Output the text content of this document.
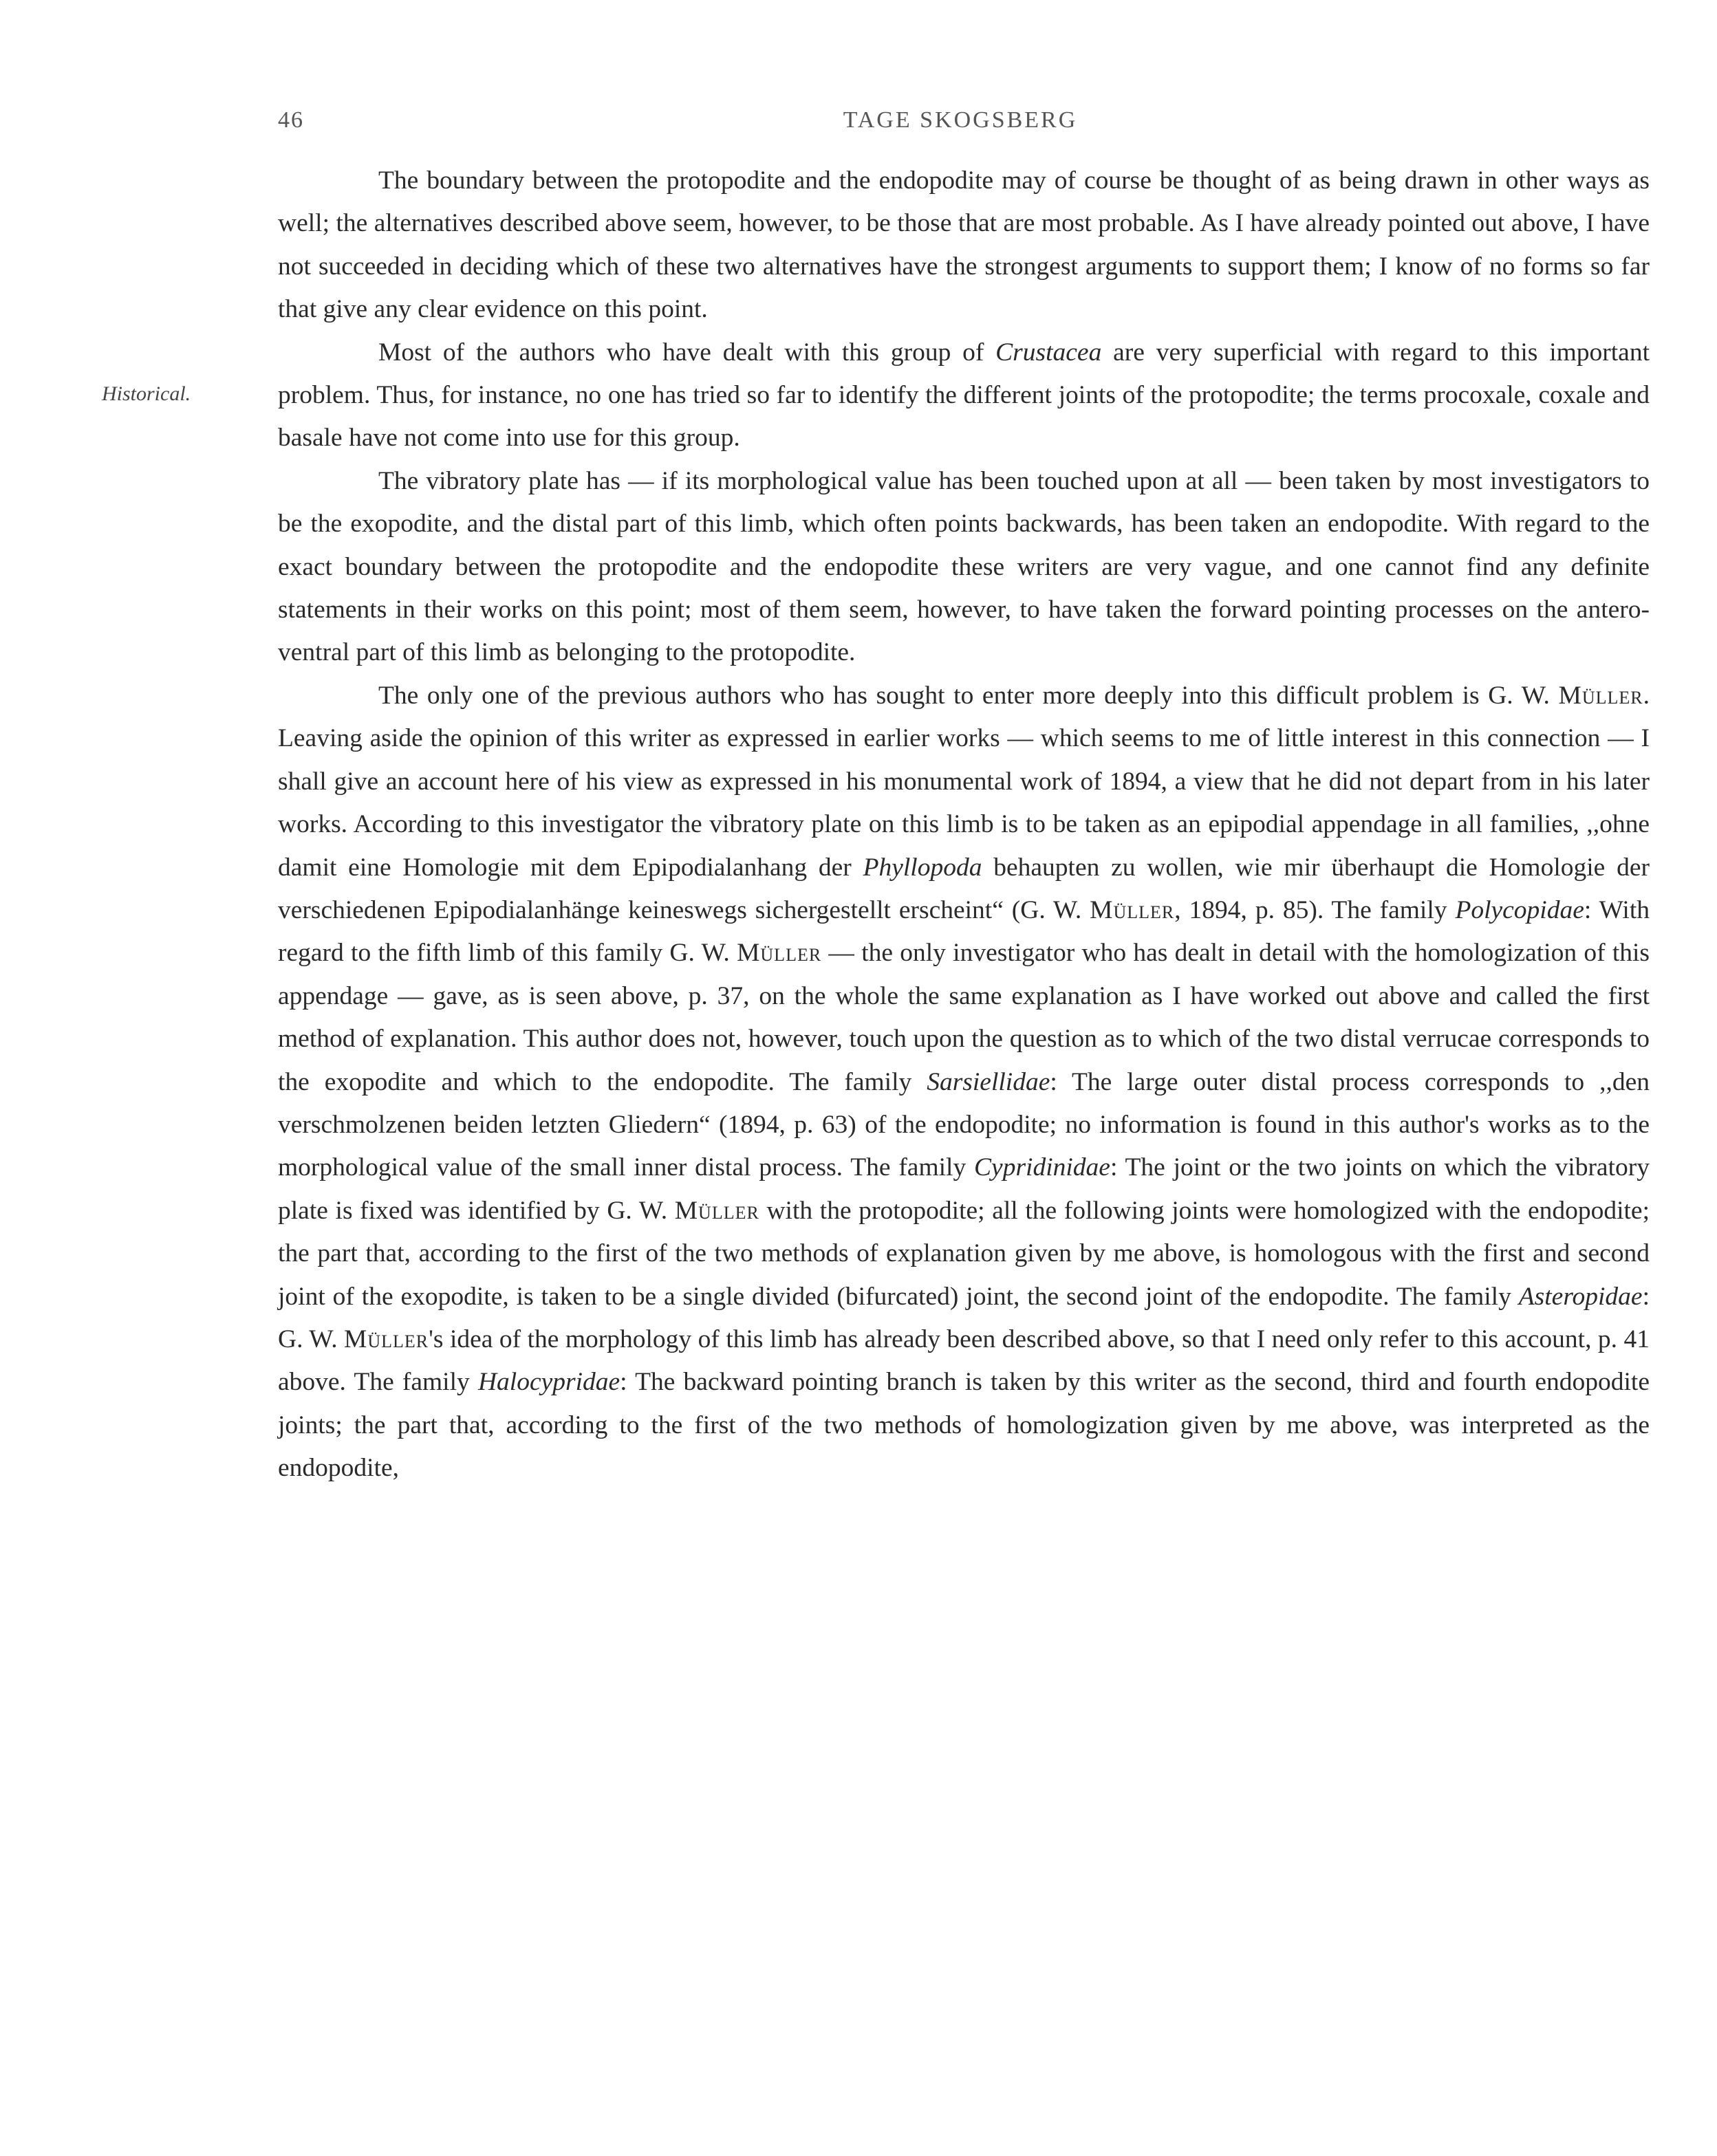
46	TAGE SKOGSBERG
Historical.

The boundary between the protopodite and the endopodite may of course be thought of as being drawn in other ways as well; the alternatives described above seem, however, to be those that are most probable. As I have already pointed out above, I have not succeeded in deciding which of these two alternatives have the strongest arguments to support them; I know of no forms so far that give any clear evidence on this point.

Most of the authors who have dealt with this group of Crustacea are very superficial with regard to this important problem. Thus, for instance, no one has tried so far to identify the different joints of the protopodite; the terms procoxale, coxale and basale have not come into use for this group.

The vibratory plate has — if its morphological value has been touched upon at all — been taken by most investigators to be the exopodite, and the distal part of this limb, which often points backwards, has been taken an endopodite. With regard to the exact boundary between the protopodite and the endopodite these writers are very vague, and one cannot find any definite statements in their works on this point; most of them seem, however, to have taken the forward pointing processes on the antero-ventral part of this limb as belonging to the protopodite.

The only one of the previous authors who has sought to enter more deeply into this difficult problem is G. W. Müller. Leaving aside the opinion of this writer as expressed in earlier works — which seems to me of little interest in this connection — I shall give an account here of his view as expressed in his monumental work of 1894, a view that he did not depart from in his later works. According to this investigator the vibratory plate on this limb is to be taken as an epipodial appendage in all families, ,,ohne damit eine Homologie mit dem Epipodialanhang der Phyllopoda behaupten zu wollen, wie mir überhaupt die Homologie der verschiedenen Epipodialanhänge keineswegs sichergestellt erscheint“ (G. W. Müller, 1894, p. 85). The family Polycopidae: With regard to the fifth limb of this family G. W. Müller — the only investigator who has dealt in detail with the homologization of this appendage — gave, as is seen above, p. 37, on the whole the same explanation as I have worked out above and called the first method of explanation. This author does not, however, touch upon the question as to which of the two distal verrucae corresponds to the exopodite and which to the endopodite. The family Sarsiellidae: The large outer distal process corresponds to ,,den verschmolzenen beiden letzten Gliedern“ (1894, p. 63) of the endopodite; no information is found in this author's works as to the morphological value of the small inner distal process. The family Cypridinidae: The joint or the two joints on which the vibratory plate is fixed was identified by G. W. Müller with the protopodite; all the following joints were homologized with the endopodite; the part that, according to the first of the two methods of explanation given by me above, is homologous with the first and second joint of the exopodite, is taken to be a single divided (bifurcated) joint, the second joint of the endopodite. The family Asteropidae: G. W. Müller's idea of the morphology of this limb has already been described above, so that I need only refer to this account, p. 41 above. The family Halocypridae: The backward pointing branch is taken by this writer as the second, third and fourth endopodite joints; the part that, according to the first of the two methods of homologization given by me above, was interpreted as the endopodite,
